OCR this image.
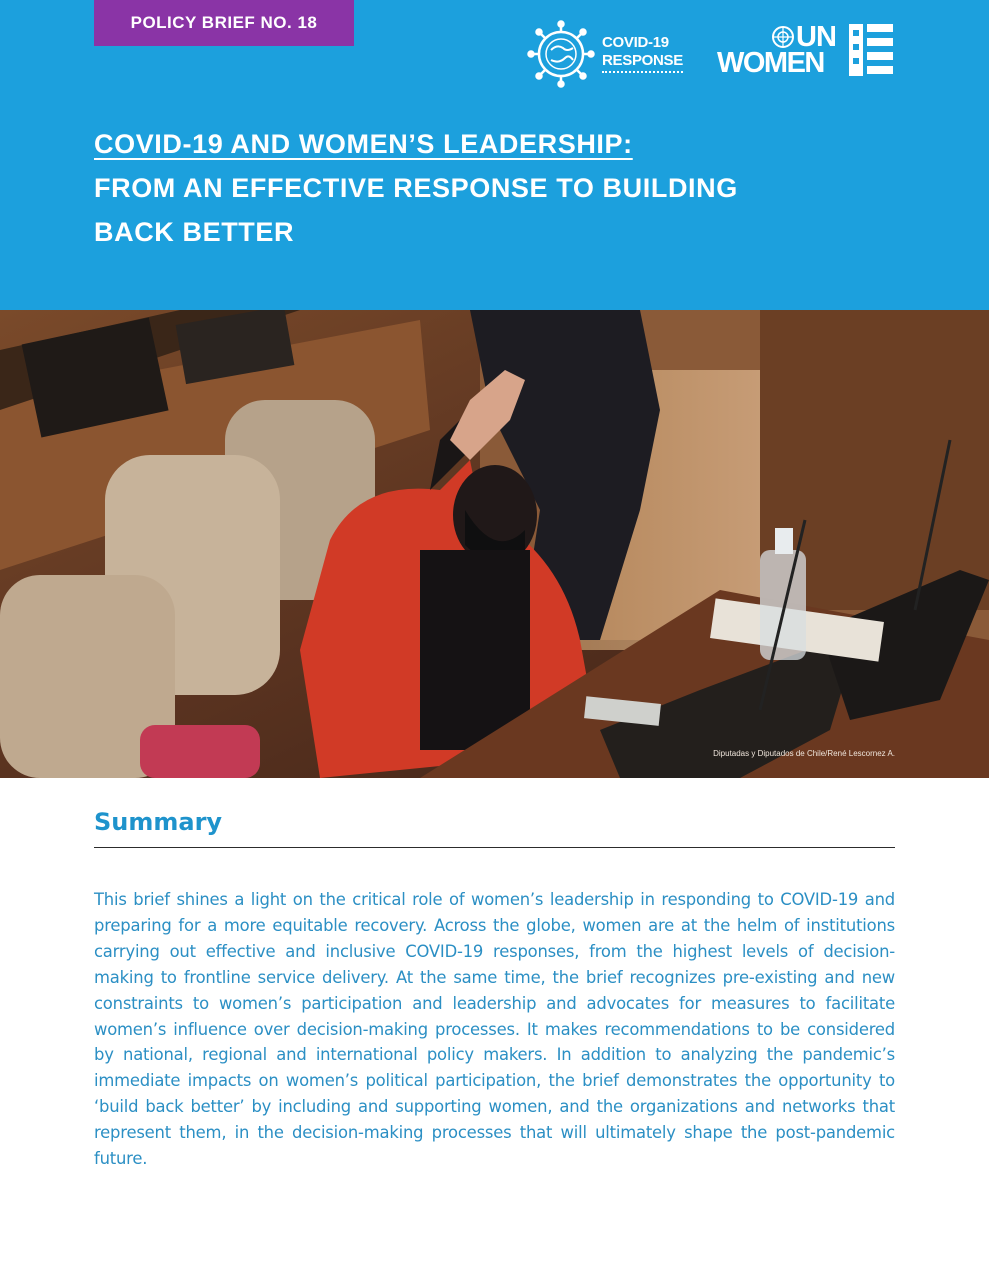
POLICY BRIEF NO. 18
COVID-19
RESPONSE
UN
WOMEN
COVID-19 AND WOMEN’S LEADERSHIP:
FROM AN EFFECTIVE RESPONSE TO BUILDING
BACK BETTER
Diputadas y Diputados de Chile/René Lescornez A.
Summary
This brief shines a light on the critical role of women’s leadership in responding to COVID-19 and preparing for a more equitable recovery. Across the globe, women are at the helm of institutions carrying out effective and inclusive COVID-19 responses, from the highest levels of decision-making to frontline service delivery. At the same time, the brief recognizes pre-existing and new constraints to women’s participation and leadership and advocates for measures to facilitate women’s influence over decision-making processes. It makes recommendations to be considered by national, regional and international policy makers. In addition to analyzing the pandemic’s immediate impacts on women’s political participation, the brief demonstrates the opportunity to ‘build back better’ by including and supporting women, and the organizations and networks that represent them, in the decision-making processes that will ultimately shape the post-pandemic future.
